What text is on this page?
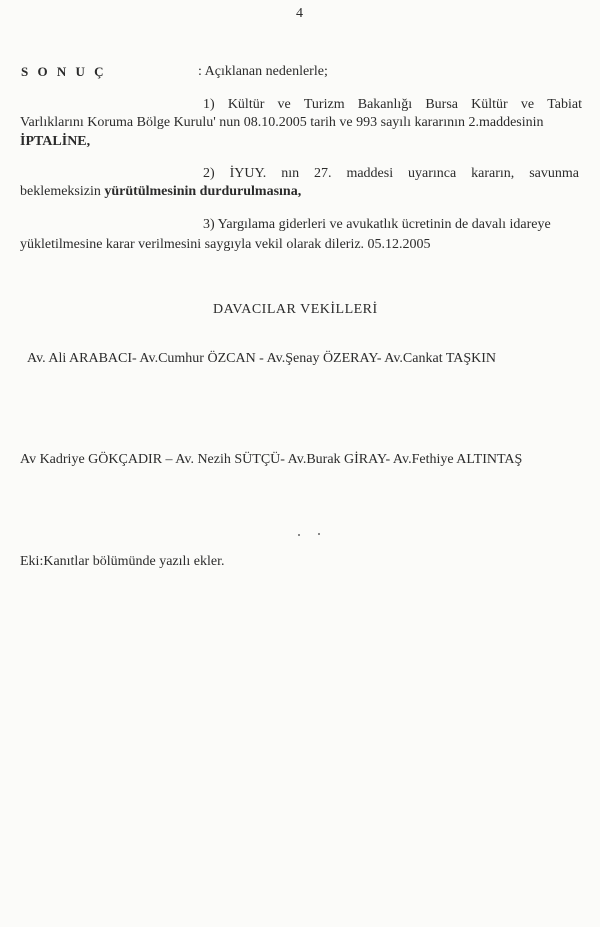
4
S O N U Ç	: Açıklanan nedenlerle;
1) Kültür ve Turizm Bakanlığı Bursa Kültür ve Tabiat
Varlıklarını Koruma Bölge Kurulu' nun 08.10.2005 tarih ve 993 sayılı kararının 2.maddesinin
İPTALİNE,
2) İYUY. nın 27. maddesi uyarınca kararın, savunma
beklemeksizin yürütülmesinin durdurulmasına,
3) Yargılama giderleri ve avukatlık ücretinin de davalı idareye
yükletilmesine karar verilmesini saygıyla vekil olarak dileriz. 05.12.2005
DAVACILAR VEKİLLERİ
Av. Ali ARABACI- Av.Cumhur ÖZCAN - Av.Şenay ÖZERAY- Av.Cankat TAŞKIN
Av Kadriye GÖKÇADIR – Av. Nezih SÜTÇÜ- Av.Burak GİRAY- Av.Fethiye ALTINTAŞ
Eki:Kanıtlar bölümünde yazılı ekler.
